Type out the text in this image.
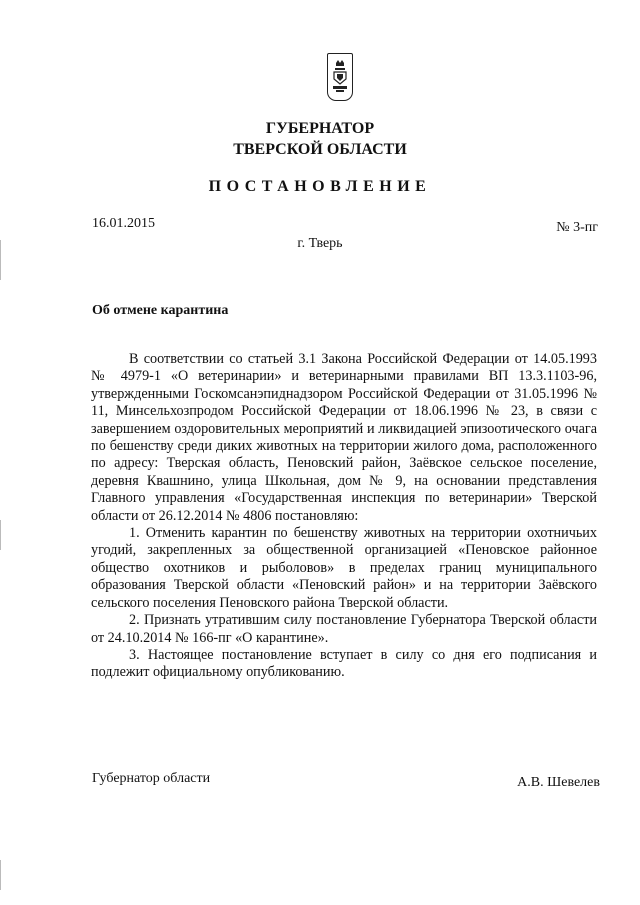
ГУБЕРНАТОР
ТВЕРСКОЙ ОБЛАСТИ
ПОСТАНОВЛЕНИЕ
16.01.2015	№ 3-пг
г. Тверь
Об отмене карантина

В соответствии со статьей 3.1 Закона Российской Федерации от 14.05.1993 № 4979-1 «О ветеринарии» и ветеринарными правилами ВП 13.3.1103-96, утвержденными Госкомсанэпиднадзором Российской Федерации от 31.05.1996 № 11, Минсельхозпродом Российской Федерации от 18.06.1996 № 23, в связи с завершением оздоровительных мероприятий и ликвидацией эпизоотического очага по бешенству среди диких животных на территории жилого дома, расположенного по адресу: Тверская область, Пеновский район, Заёвское сельское поселение, деревня Квашнино, улица Школьная, дом № 9, на основании представления Главного управления «Государственная инспекция по ветеринарии» Тверской области от 26.12.2014 № 4806 постановляю:

1. Отменить карантин по бешенству животных на территории охотничьих угодий, закрепленных за общественной организацией «Пеновское районное общество охотников и рыболовов» в пределах границ муниципального образования Тверской области «Пеновский район» и на территории Заёвского сельского поселения Пеновского района Тверской области.

2. Признать утратившим силу постановление Губернатора Тверской области от 24.10.2014 № 166-пг «О карантине».

3. Настоящее постановление вступает в силу со дня его подписания и подлежит официальному опубликованию.

Губернатор области	А.В. Шевелев
